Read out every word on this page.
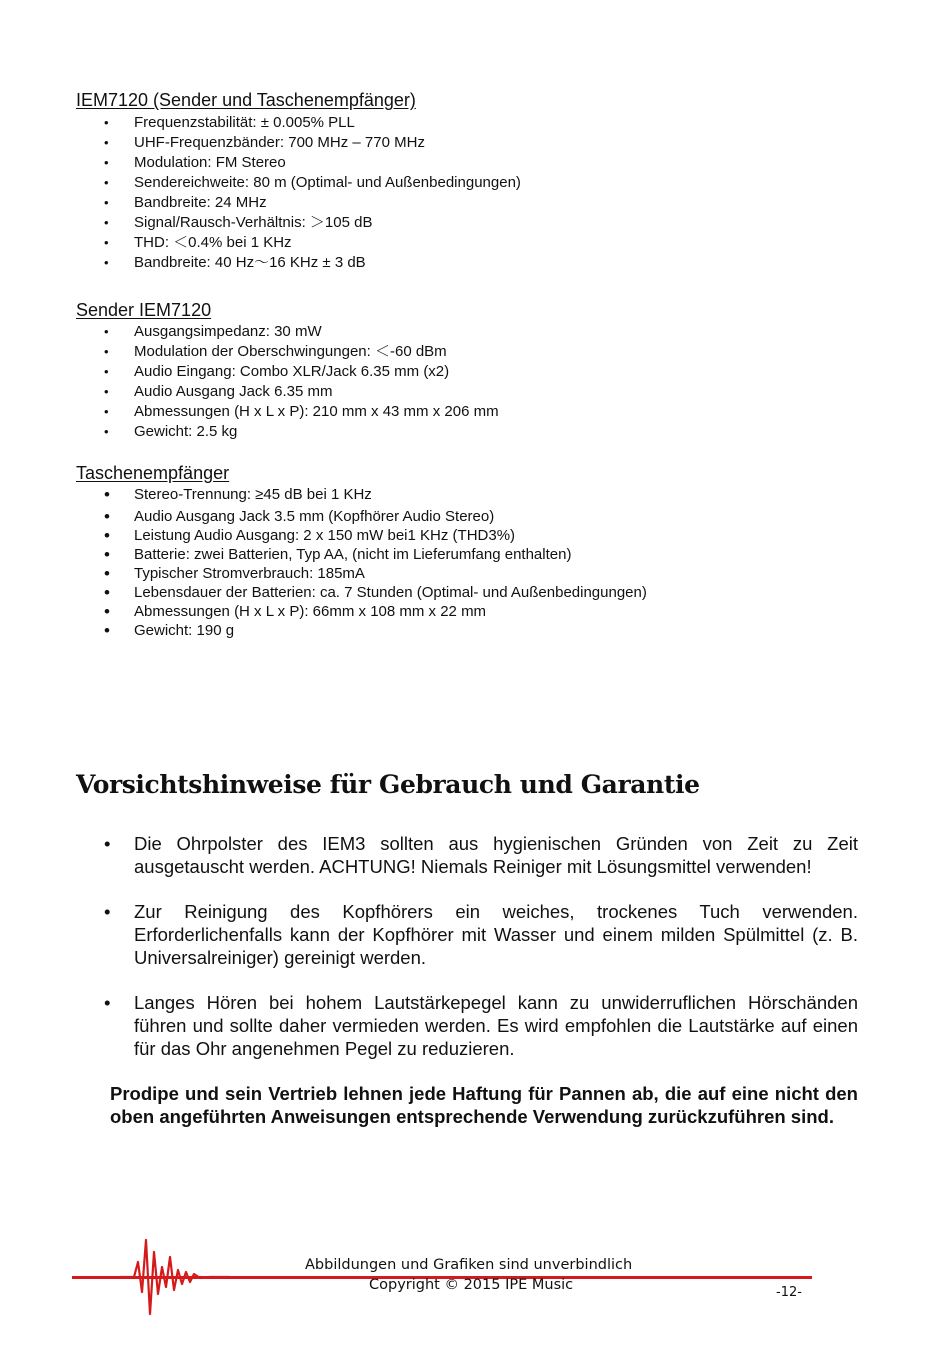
IEM7120 (Sender und Taschenempfänger)
• Frequenzstabilität: ± 0.005% PLL
• UHF-Frequenzbänder: 700 MHz – 770 MHz
• Modulation: FM Stereo
• Sendereichweite: 80 m (Optimal- und Außenbedingungen)
• Bandbreite: 24 MHz
• Signal/Rausch-Verhältnis: ＞105 dB
• THD: ＜0.4% bei 1 KHz
• Bandbreite: 40 Hz～16 KHz ± 3 dB
Sender IEM7120
• Ausgangsimpedanz: 30 mW
• Modulation der Oberschwingungen: ＜-60 dBm
• Audio Eingang: Combo XLR/Jack 6.35 mm (x2)
• Audio Ausgang Jack 6.35 mm
• Abmessungen (H x L x P): 210 mm x 43 mm x 206 mm
• Gewicht: 2.5 kg
Taschenempfänger
• Stereo-Trennung: ≥45 dB bei 1 KHz
• Audio Ausgang Jack 3.5 mm (Kopfhörer Audio Stereo)
• Leistung Audio Ausgang: 2 x 150 mW bei1 KHz (THD3%)
• Batterie: zwei Batterien, Typ AA, (nicht im Lieferumfang enthalten)
• Typischer Stromverbrauch: 185mA
• Lebensdauer der Batterien: ca. 7 Stunden (Optimal- und Außenbedingungen)
• Abmessungen (H x L x P): 66mm x 108 mm x 22 mm
• Gewicht: 190 g
Vorsichtshinweise für Gebrauch und Garantie
• Die Ohrpolster des IEM3 sollten aus hygienischen Gründen von Zeit zu Zeit ausgetauscht werden. ACHTUNG! Niemals Reiniger mit Lösungsmittel verwenden!
• Zur Reinigung des Kopfhörers ein weiches, trockenes Tuch verwenden. Erforderlichenfalls kann der Kopfhörer mit Wasser und einem milden Spülmittel (z. B. Universalreiniger) gereinigt werden.
• Langes Hören bei hohem Lautstärkepegel kann zu unwiderruflichen Hörschänden führen und sollte daher vermieden werden. Es wird empfohlen die Lautstärke auf einen für das Ohr angenehmen Pegel zu reduzieren.

Prodipe und sein Vertrieb lehnen jede Haftung für Pannen ab, die auf eine nicht den oben angeführten Anweisungen entsprechende Verwendung zurückzuführen sind.

Abbildungen und Grafiken sind unverbindlich
Copyright © 2015 IPE Music	-12-
